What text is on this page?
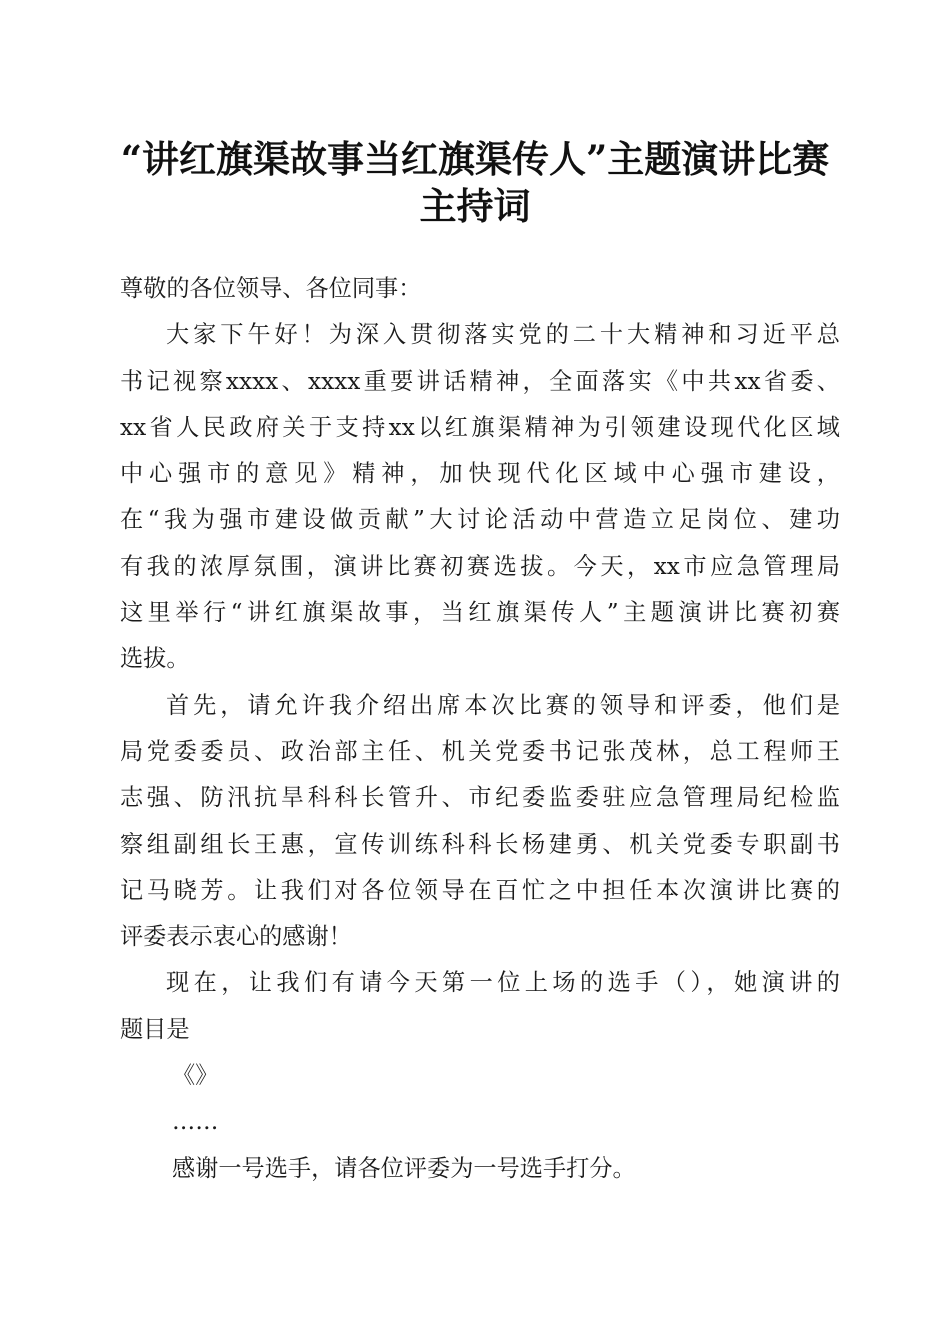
“讲红旗渠故事当红旗渠传人”主题演讲比赛
主持词
尊敬的各位领导、各位同事：
大家下午好！为深入贯彻落实党的二十大精神和习近平总
书记视察xxxx、xxxx重要讲话精神，全面落实《中共xx省委、
xx省人民政府关于支持xx以红旗渠精神为引领建设现代化区域
中心强市的意见》精神，加快现代化区域中心强市建设，
在“我为强市建设做贡献”大讨论活动中营造立足岗位、建功
有我的浓厚氛围，演讲比赛初赛选拔。今天，xx市应急管理局
这里举行“讲红旗渠故事，当红旗渠传人”主题演讲比赛初赛
选拔。
首先，请允许我介绍出席本次比赛的领导和评委，他们是
局党委委员、政治部主任、机关党委书记张茂林，总工程师王
志强、防汛抗旱科科长管升、市纪委监委驻应急管理局纪检监
察组副组长王惠，宣传训练科科长杨建勇、机关党委专职副书
记马晓芳。让我们对各位领导在百忙之中担任本次演讲比赛的
评委表示衷心的感谢！
现在，让我们有请今天第一位上场的选手（），她演讲的
题目是
《》
……
感谢一号选手，请各位评委为一号选手打分。
